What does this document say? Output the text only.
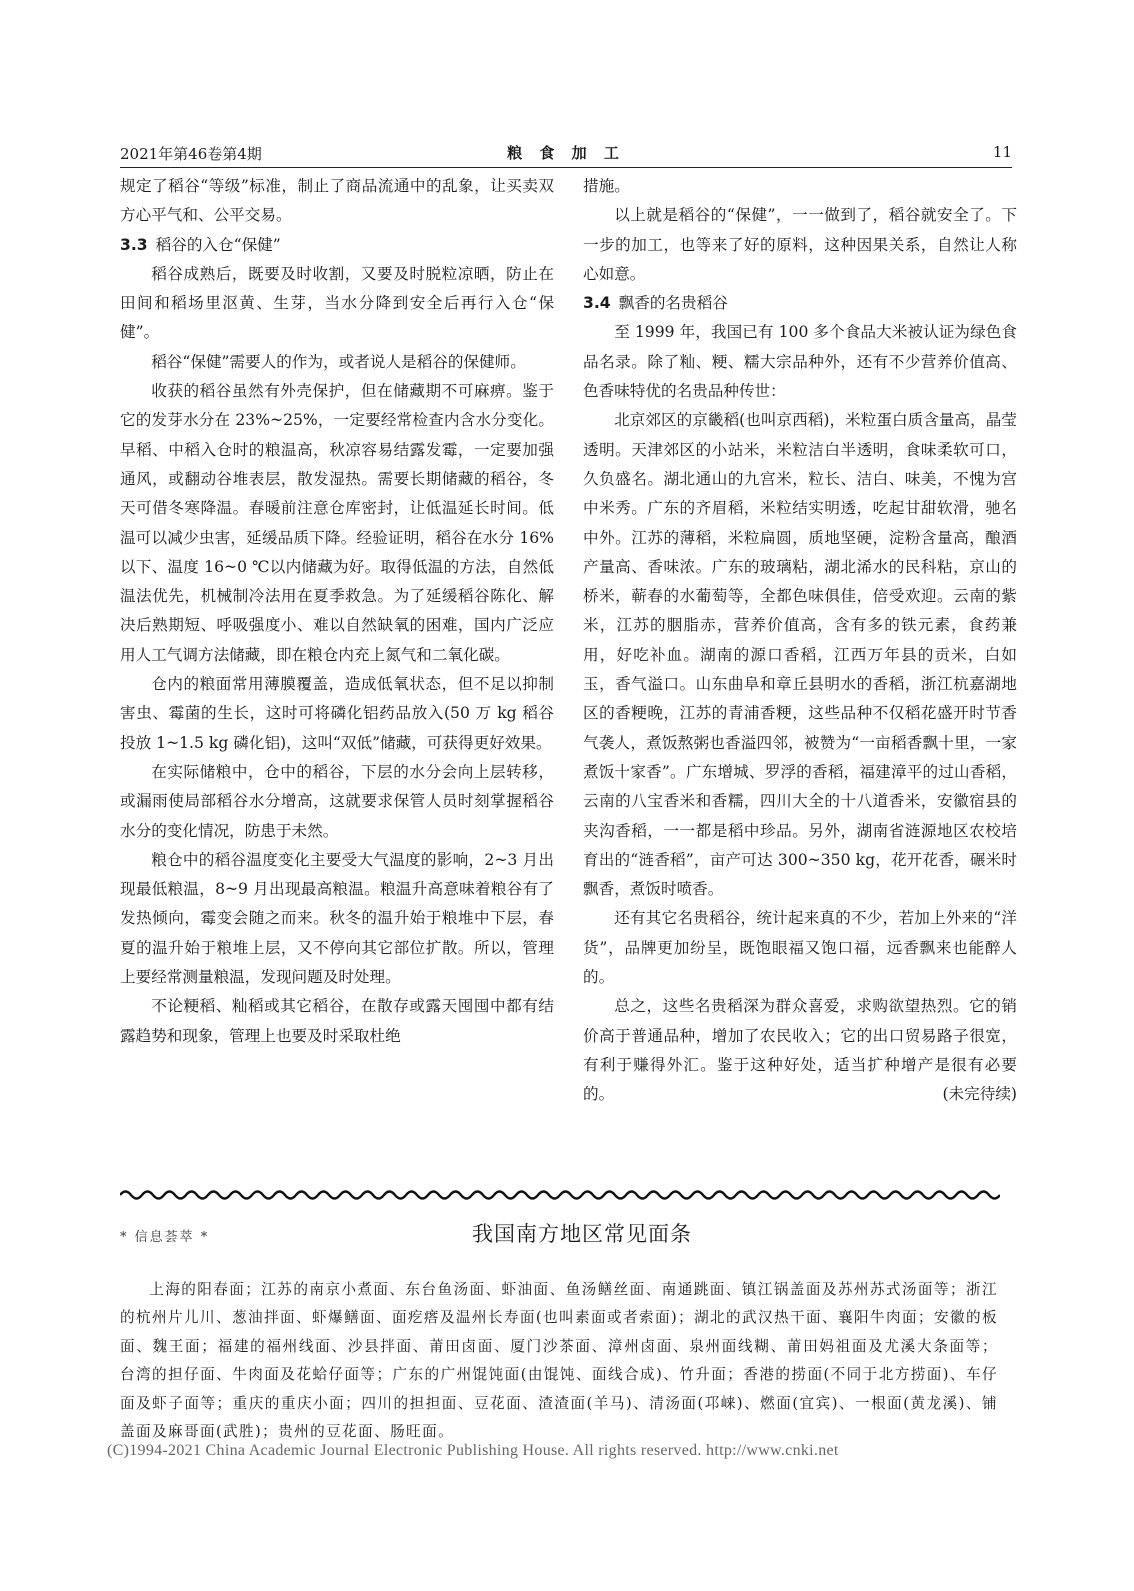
2021年第46卷第4期	粮 食 加 工	11

规定了稻谷“等级”标准，制止了商品流通中的乱象，让买卖双方心平气和、公平交易。

3.3 稻谷的入仓“保健”

稻谷成熟后，既要及时收割，又要及时脱粒凉晒，防止在田间和稻场里沤黄、生芽，当水分降到安全后再行入仓“保健”。

稻谷“保健”需要人的作为，或者说人是稻谷的保健师。

收获的稻谷虽然有外壳保护，但在储藏期不可麻痹。鉴于它的发芽水分在 23%~25%，一定要经常检查内含水分变化。早稻、中稻入仓时的粮温高，秋凉容易结露发霉，一定要加强通风，或翻动谷堆表层，散发湿热。需要长期储藏的稻谷，冬天可借冬寒降温。春暖前注意仓库密封，让低温延长时间。低温可以减少虫害，延缓品质下降。经验证明，稻谷在水分 16%以下、温度 16~0 ℃以内储藏为好。取得低温的方法，自然低温法优先，机械制冷法用在夏季救急。为了延缓稻谷陈化、解决后熟期短、呼吸强度小、难以自然缺氧的困难，国内广泛应用人工气调方法储藏，即在粮仓内充上氮气和二氧化碳。

仓内的粮面常用薄膜覆盖，造成低氧状态，但不足以抑制害虫、霉菌的生长，这时可将磷化铝药品放入(50 万 kg 稻谷投放 1~1.5 kg 磷化铝)，这叫“双低”储藏，可获得更好效果。

在实际储粮中，仓中的稻谷，下层的水分会向上层转移，或漏雨使局部稻谷水分增高，这就要求保管人员时刻掌握稻谷水分的变化情况，防患于未然。

粮仓中的稻谷温度变化主要受大气温度的影响，2~3 月出现最低粮温，8~9 月出现最高粮温。粮温升高意味着粮谷有了发热倾向，霉变会随之而来。秋冬的温升始于粮堆中下层，春夏的温升始于粮堆上层，又不停向其它部位扩散。所以，管理上要经常测量粮温，发现问题及时处理。

不论粳稻、籼稻或其它稻谷，在散存或露天囤囤中都有结露趋势和现象，管理上也要及时采取杜绝

措施。

以上就是稻谷的“保健”，一一做到了，稻谷就安全了。下一步的加工，也等来了好的原料，这种因果关系，自然让人称心如意。

3.4 飘香的名贵稻谷

至 1999 年，我国已有 100 多个食品大米被认证为绿色食品名录。除了籼、粳、糯大宗品种外，还有不少营养价值高、色香味特优的名贵品种传世：

北京郊区的京畿稻(也叫京西稻)，米粒蛋白质含量高，晶莹透明。天津郊区的小站米，米粒洁白半透明，食味柔软可口，久负盛名。湖北通山的九宫米，粒长、洁白、味美，不愧为宫中米秀。广东的齐眉稻，米粒结实明透，吃起甘甜软滑，驰名中外。江苏的薄稻，米粒扁圆，质地坚硬，淀粉含量高，酿酒产量高、香味浓。广东的玻璃粘，湖北浠水的民科粘，京山的桥米，蕲春的水葡萄等，全都色味俱佳，倍受欢迎。云南的紫米，江苏的胭脂赤，营养价值高，含有多的铁元素，食药兼用，好吃补血。湖南的源口香稻，江西万年县的贡米，白如玉，香气溢口。山东曲阜和章丘县明水的香稻，浙江杭嘉湖地区的香粳晚，江苏的青浦香粳，这些品种不仅稻花盛开时节香气袭人，煮饭熬粥也香溢四邻，被赞为“一亩稻香飘十里，一家煮饭十家香”。广东增城、罗浮的香稻，福建漳平的过山香稻，云南的八宝香米和香糯，四川大全的十八道香米，安徽宿县的夹沟香稻，一一都是稻中珍品。另外，湖南省涟源地区农校培育出的“涟香稻”，亩产可达 300~350 kg，花开花香，碾米时飘香，煮饭时喷香。

还有其它名贵稻谷，统计起来真的不少，若加上外来的“洋货”，品牌更加纷呈，既饱眼福又饱口福，远香飘来也能醉人的。

总之，这些名贵稻深为群众喜爱，求购欲望热烈。它的销价高于普通品种，增加了农民收入；它的出口贸易路子很宽，有利于赚得外汇。鉴于这种好处，适当扩种增产是很有必要的。	(未完待续)

* 信息荟萃 *	我国南方地区常见面条
上海的阳春面；江苏的南京小煮面、东台鱼汤面、虾油面、鱼汤鳝丝面、南通跳面、镇江锅盖面及苏州苏式汤面等；浙江的杭州片儿川、葱油拌面、虾爆鳝面、面疙瘩及温州长寿面(也叫素面或者索面)；湖北的武汉热干面、襄阳牛肉面；安徽的板面、魏王面；福建的福州线面、沙县拌面、莆田卤面、厦门沙茶面、漳州卤面、泉州面线糊、莆田妈祖面及尤溪大条面等；台湾的担仔面、牛肉面及花蛤仔面等；广东的广州馄饨面(由馄饨、面线合成)、竹升面；香港的捞面(不同于北方捞面)、车仔面及虾子面等；重庆的重庆小面；四川的担担面、豆花面、渣渣面(羊马)、清汤面(邛崃)、燃面(宜宾)、一根面(黄龙溪)、铺盖面及麻哥面(武胜)；贵州的豆花面、肠旺面。
(C)1994-2021 China Academic Journal Electronic Publishing House. All rights reserved. http://www.cnki.net
